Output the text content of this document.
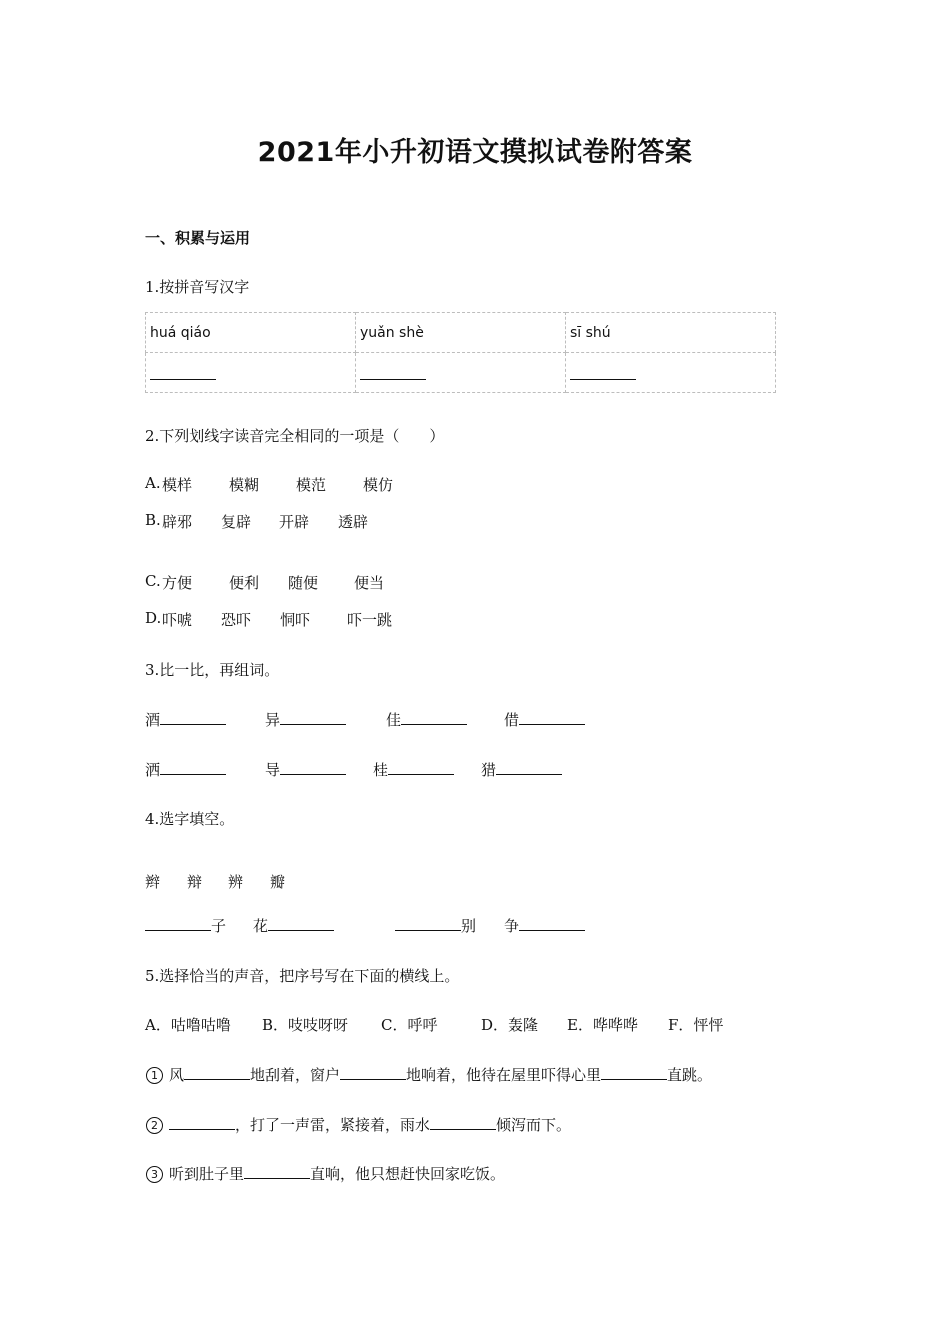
2021年小升初语文摸拟试卷附答案
一、积累与运用
1.按拼音写汉字
huá qiáo	yuǎn shè	sī shú

2.下列划线字读音完全相同的一项是（　　）
A. 模样 模糊 模范 模仿
B. 辟邪 复辟 开辟 透辟
C. 方便 便利 随便 便当
D. 吓唬 恐吓 恫吓 吓一跳
3.比一比，再组词。
酒	异	佳	借
洒	导	桂	猎
4.选字填空。
辫 辩 辨 瓣
子 花	别 争
5.选择恰当的声音，把序号写在下面的横线上。
A．咕噜咕噜 B．吱吱呀呀 C．呼呼	D．轰隆 E．哗哗哗 F．怦怦
1 风	地刮着，窗户	地响着，他待在屋里吓得心里	直跳。
2	，打了一声雷，紧接着，雨水	倾泻而下。
3 听到肚子里	直响，他只想赶快回家吃饭。
